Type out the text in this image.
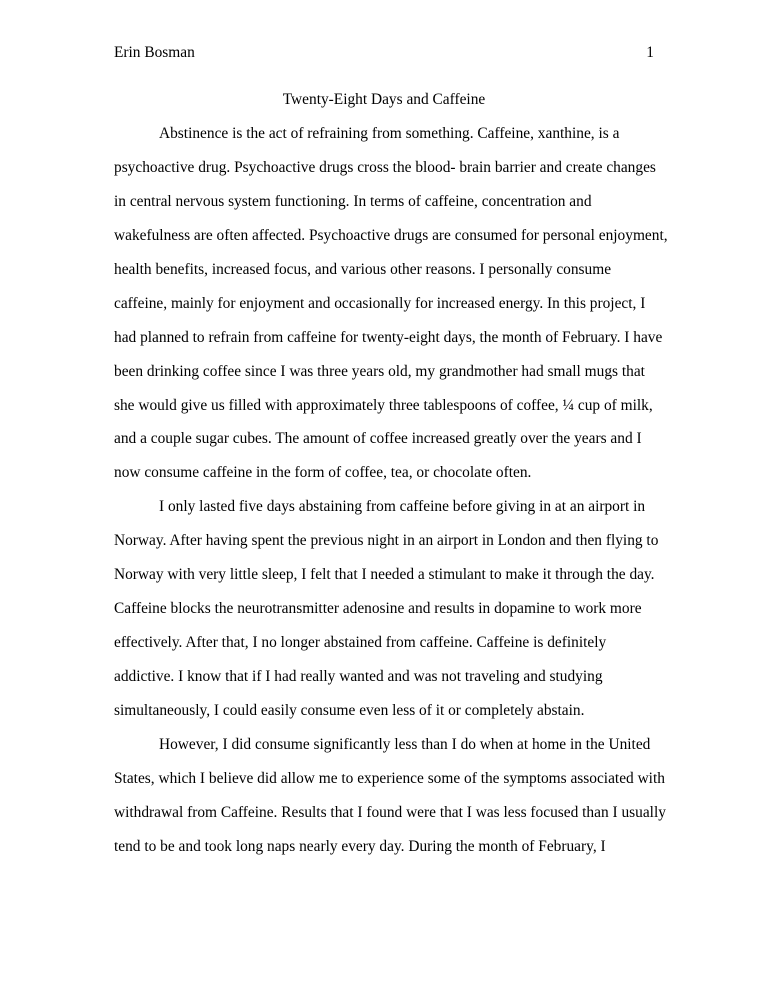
Erin Bosman	1
Twenty-Eight Days and Caffeine
Abstinence is the act of refraining from something. Caffeine, xanthine, is a
psychoactive drug. Psychoactive drugs cross the blood- brain barrier and create changes
in central nervous system functioning. In terms of caffeine, concentration and
wakefulness are often affected. Psychoactive drugs are consumed for personal enjoyment,
health benefits, increased focus, and various other reasons. I personally consume
caffeine, mainly for enjoyment and occasionally for increased energy. In this project, I
had planned to refrain from caffeine for twenty-eight days, the month of February. I have
been drinking coffee since I was three years old, my grandmother had small mugs that
she would give us filled with approximately three tablespoons of coffee, ¼ cup of milk,
and a couple sugar cubes. The amount of coffee increased greatly over the years and I
now consume caffeine in the form of coffee, tea, or chocolate often.
I only lasted five days abstaining from caffeine before giving in at an airport in
Norway. After having spent the previous night in an airport in London and then flying to
Norway with very little sleep, I felt that I needed a stimulant to make it through the day.
Caffeine blocks the neurotransmitter adenosine and results in dopamine to work more
effectively. After that, I no longer abstained from caffeine. Caffeine is definitely
addictive. I know that if I had really wanted and was not traveling and studying
simultaneously, I could easily consume even less of it or completely abstain.
However, I did consume significantly less than I do when at home in the United
States, which I believe did allow me to experience some of the symptoms associated with
withdrawal from Caffeine. Results that I found were that I was less focused than I usually
tend to be and took long naps nearly every day. During the month of February, I
